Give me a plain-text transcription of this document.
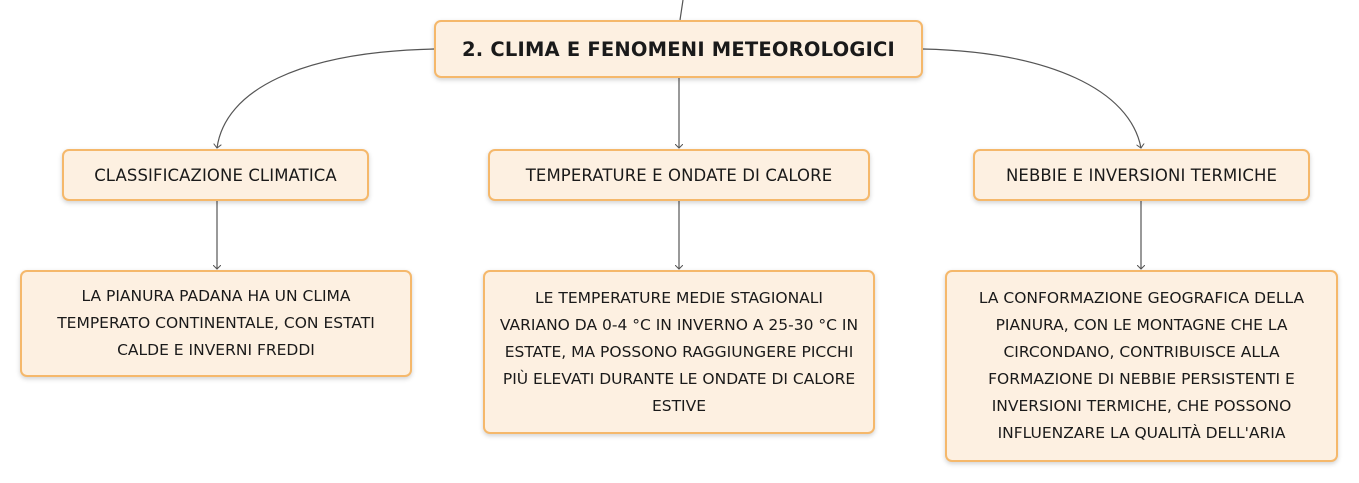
2. CLIMA E FENOMENI METEOROLOGICI
CLASSIFICAZIONE CLIMATICA	TEMPERATURE E ONDATE DI CALORE	NEBBIE E INVERSIONI TERMICHE
LA PIANURA PADANA HA UN CLIMA TEMPERATO CONTINENTALE, CON ESTATI CALDE E INVERNI FREDDI
LE TEMPERATURE MEDIE STAGIONALI VARIANO DA 0-4 °C IN INVERNO A 25-30 °C IN ESTATE, MA POSSONO RAGGIUNGERE PICCHI PIÙ ELEVATI DURANTE LE ONDATE DI CALORE ESTIVE
LA CONFORMAZIONE GEOGRAFICA DELLA PIANURA, CON LE MONTAGNE CHE LA CIRCONDANO, CONTRIBUISCE ALLA FORMAZIONE DI NEBBIE PERSISTENTI E INVERSIONI TERMICHE, CHE POSSONO INFLUENZARE LA QUALITÀ DELL'ARIA
